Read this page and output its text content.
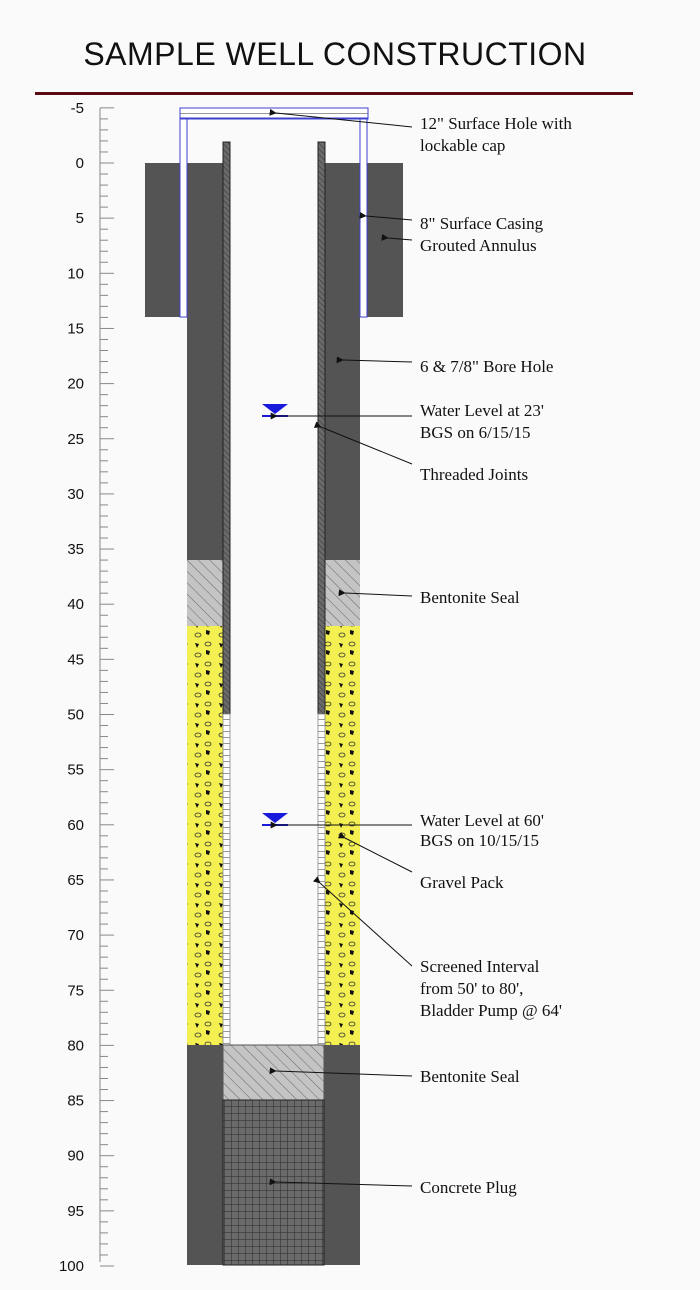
SAMPLE WELL CONSTRUCTION
-5
0
5
10
15
20
25
30
35
40
45
50
55
60
65
70
75
80
85
90
95
100
12" Surface Hole with
lockable cap
8" Surface Casing
Grouted Annulus
6 & 7/8" Bore Hole
Water Level at 23'
BGS on 6/15/15
Threaded Joints
Bentonite Seal
Water Level at 60'
BGS on 10/15/15
Gravel Pack
Screened Interval
from 50' to 80',
Bladder Pump @ 64'
Bentonite Seal
Concrete Plug
